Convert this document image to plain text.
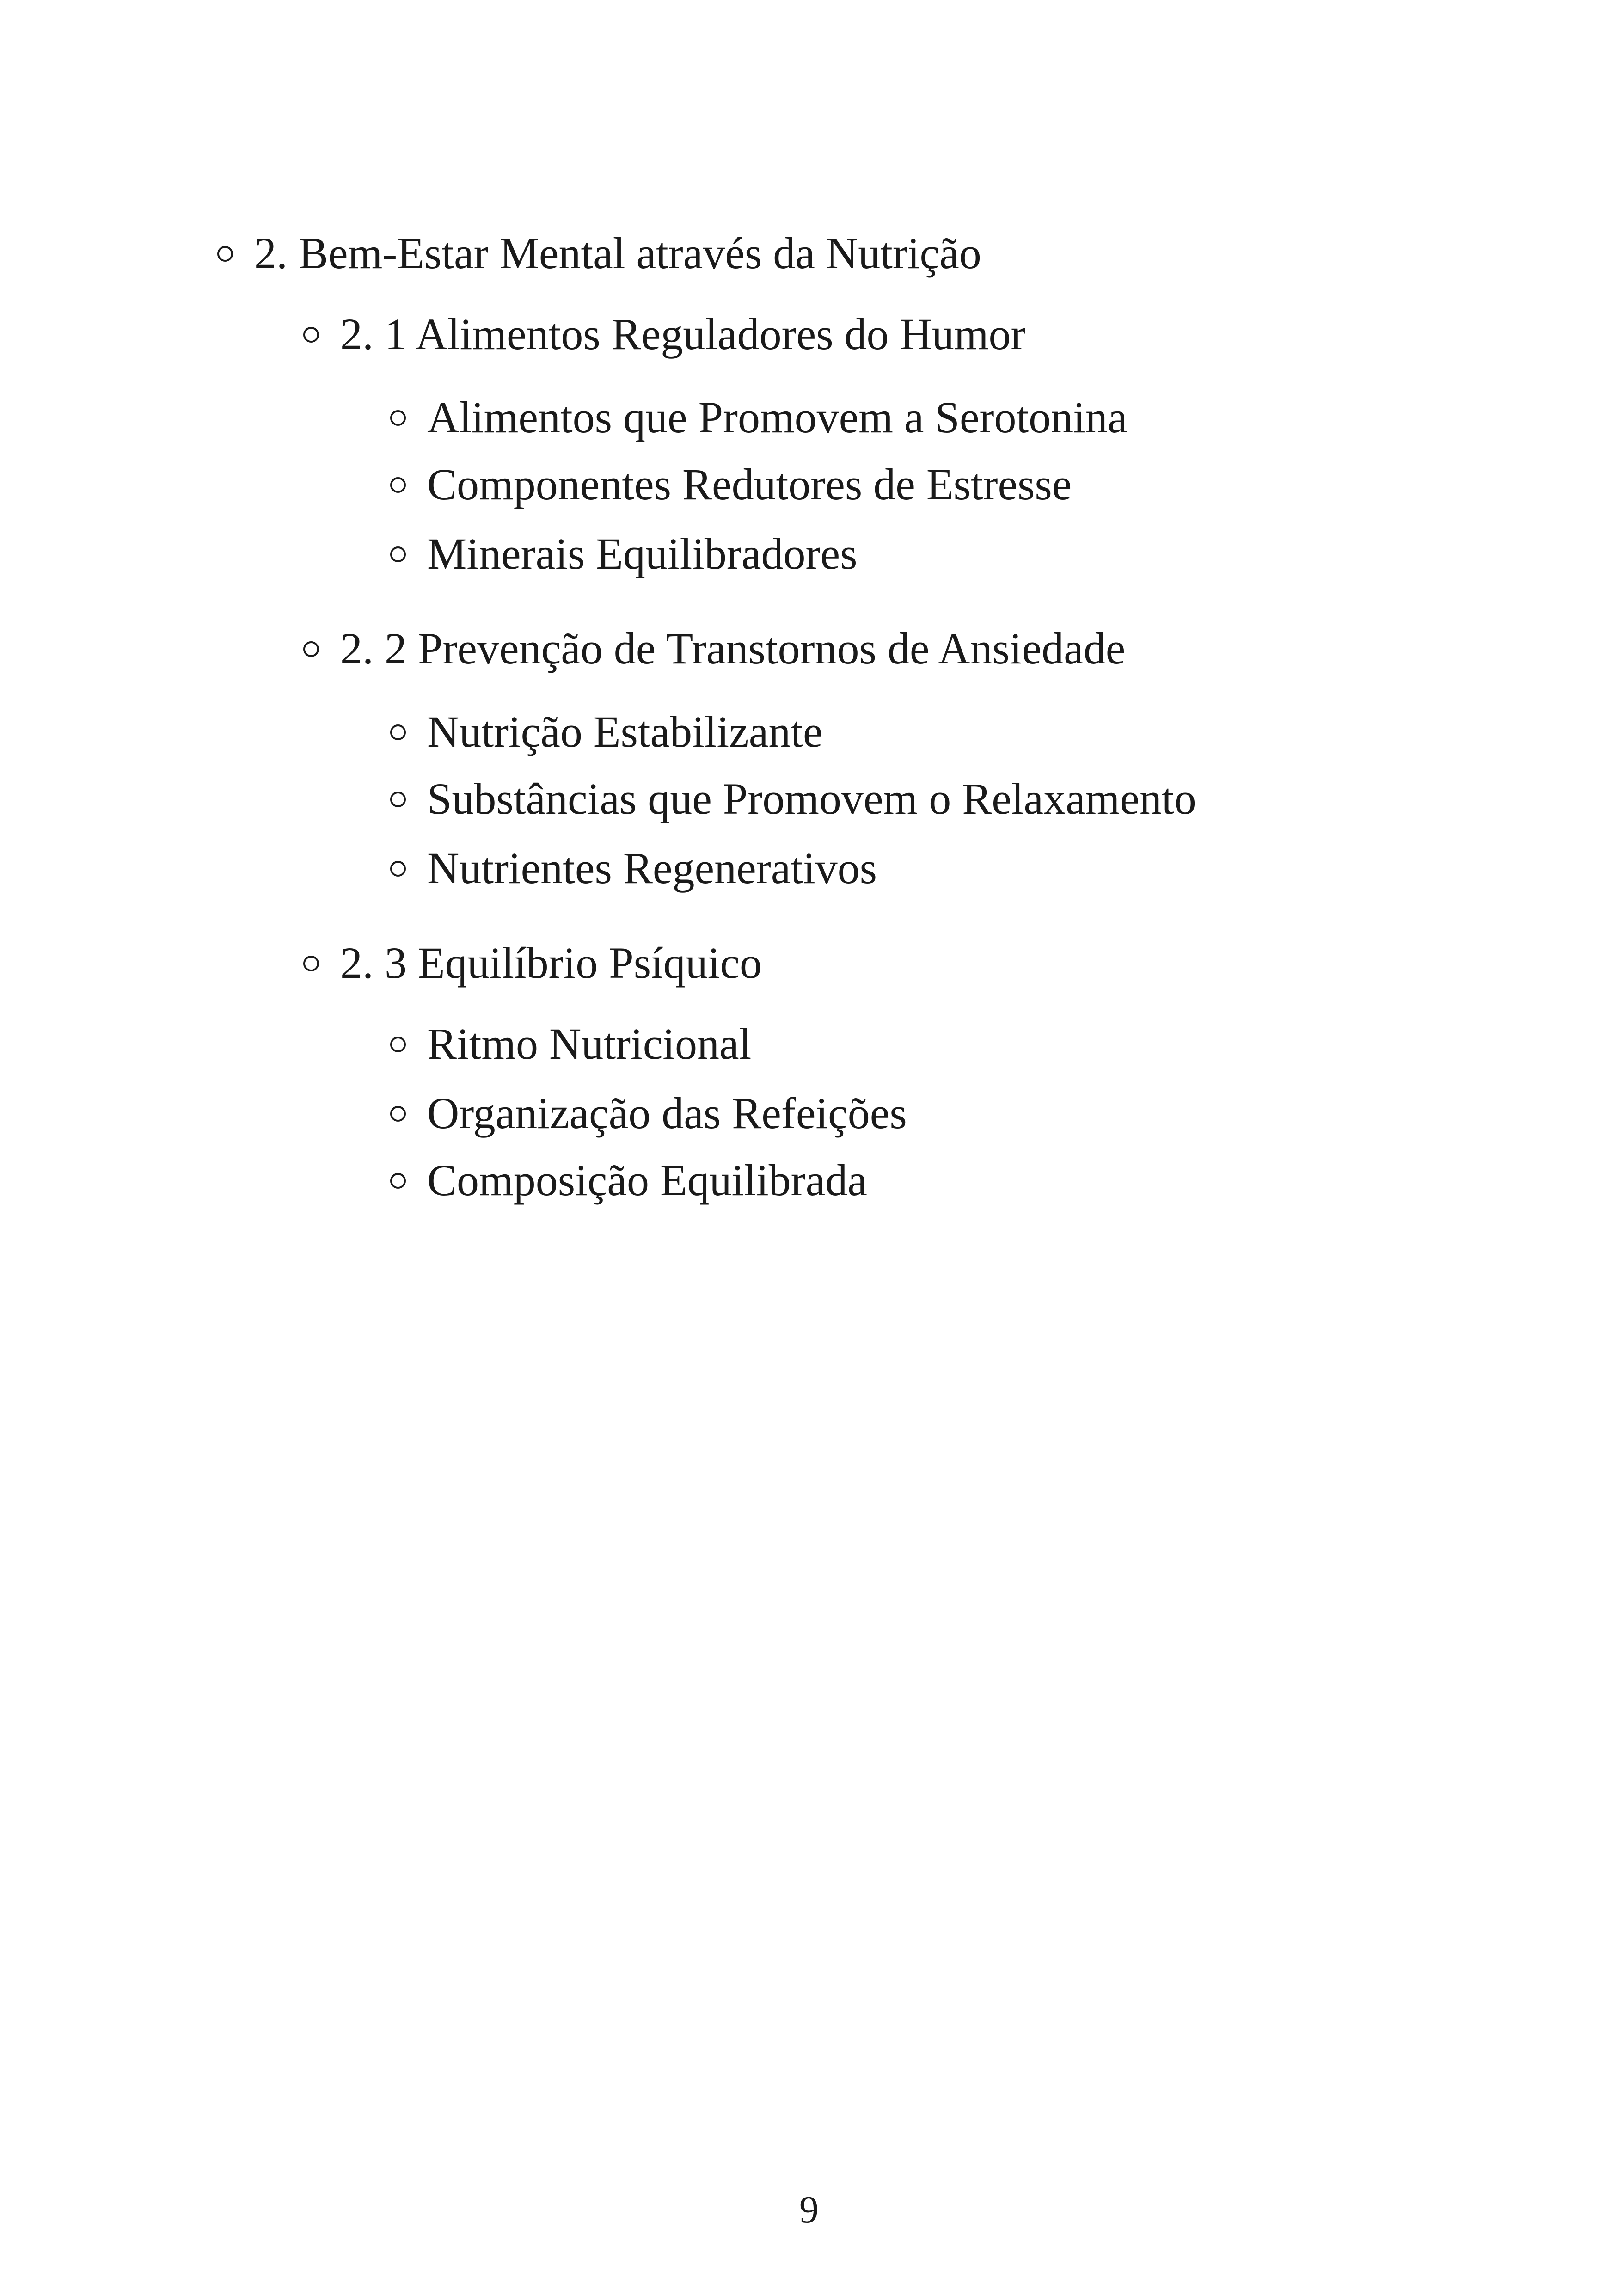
2. Bem-Estar Mental através da Nutrição
2. 1 Alimentos Reguladores do Humor
Alimentos que Promovem a Serotonina
Componentes Redutores de Estresse
Minerais Equilibradores
2. 2 Prevenção de Transtornos de Ansiedade
Nutrição Estabilizante
Substâncias que Promovem o Relaxamento
Nutrientes Regenerativos
2. 3 Equilíbrio Psíquico
Ritmo Nutricional
Organização das Refeições
Composição Equilibrada
9
